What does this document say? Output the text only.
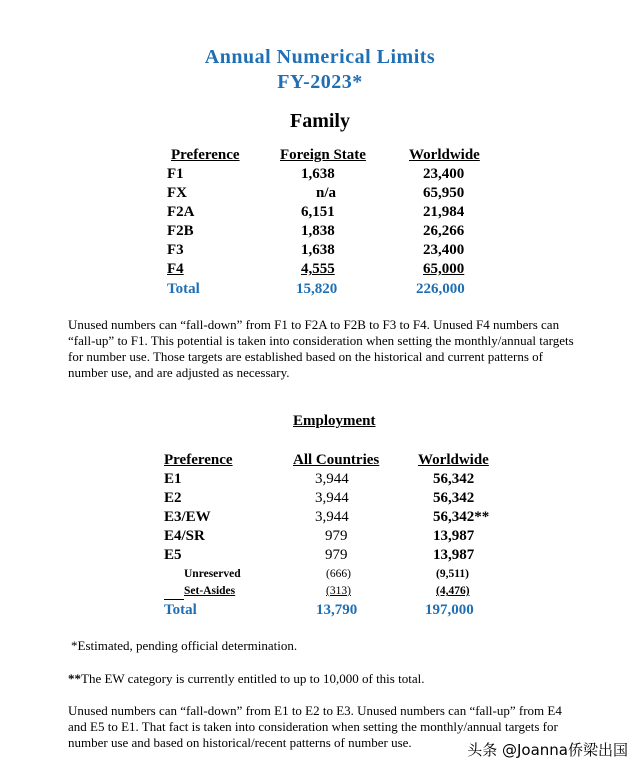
Annual Numerical Limits
FY-2023*
Family
Preference	Foreign State	Worldwide
F1	1,638	23,400
FX	n/a	65,950
F2A	6,151	21,984
F2B	1,838	26,266
F3	1,638	23,400
F4	4,555	65,000
Total	15,820	226,000
Unused numbers can “fall-down” from F1 to F2A to F2B to F3 to F4. Unused F4 numbers can “fall-up” to F1. This potential is taken into consideration when setting the monthly/annual targets for number use. Those targets are established based on the historical and current patterns of number use, and are adjusted as necessary.
Employment
Preference	All Countries	Worldwide
E1	3,944	56,342
E2	3,944	56,342
E3/EW	3,944	56,342**
E4/SR	979	13,987
E5	979	13,987
Unreserved	(666)	(9,511)
Set-Asides	(313)	(4,476)
Total	13,790	197,000
*Estimated, pending official determination.
**The EW category is currently entitled to up to 10,000 of this total.
Unused numbers can “fall-down” from E1 to E2 to E3. Unused numbers can “fall-up” from E4 and E5 to E1. That fact is taken into consideration when setting the monthly/annual targets for number use and based on historical/recent patterns of number use.	头条 @Joanna侨梁出国
